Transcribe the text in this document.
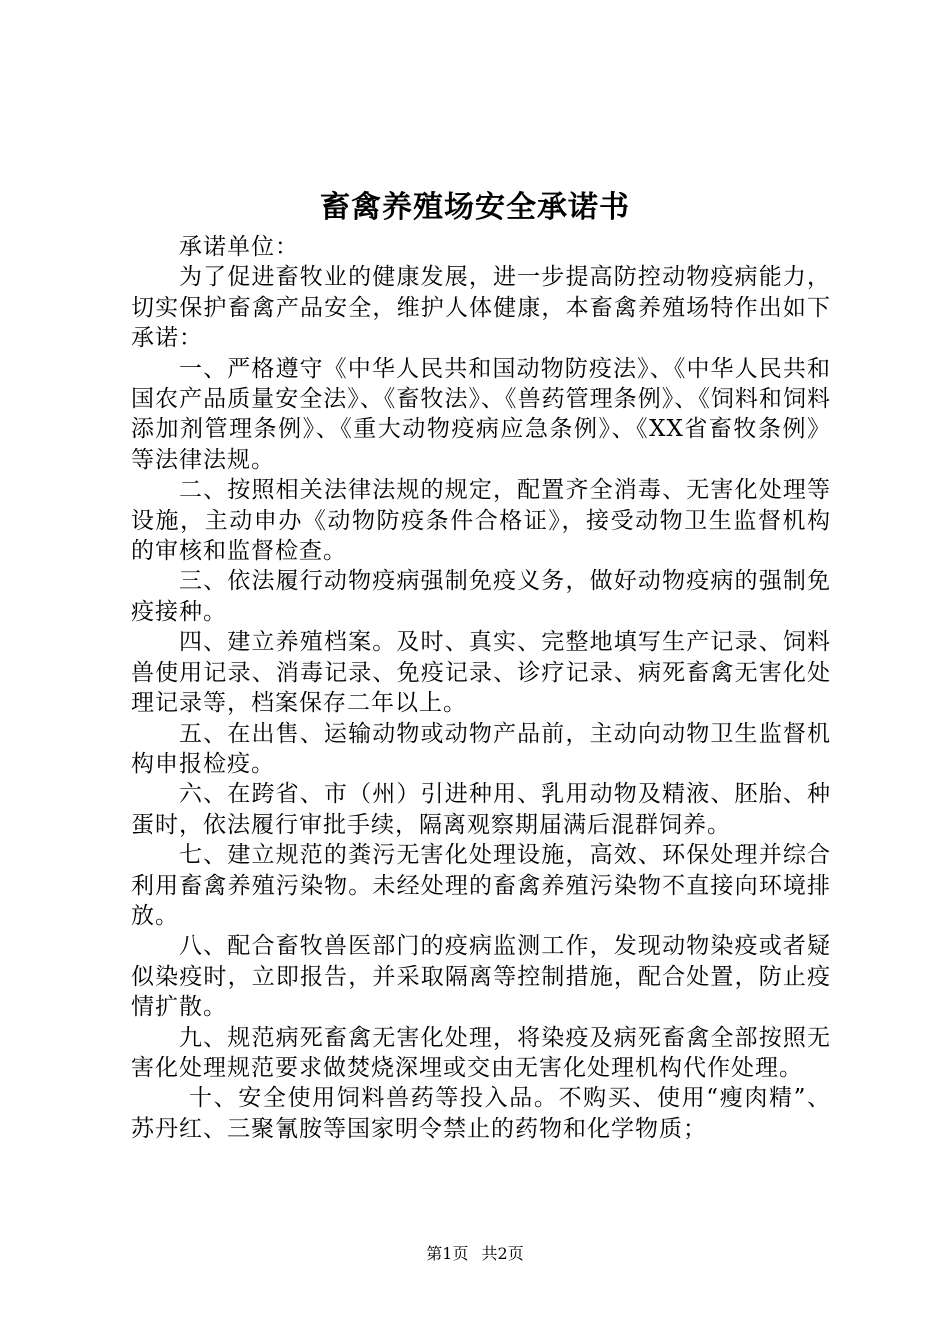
畜禽养殖场安全承诺书

承诺单位：

为了促进畜牧业的健康发展，进一步提高防控动物疫病能力，切实保护畜禽产品安全，维护人体健康，本畜禽养殖场特作出如下承诺：

一、严格遵守《中华人民共和国动物防疫法》、《中华人民共和国农产品质量安全法》、《畜牧法》、《兽药管理条例》、《饲料和饲料添加剂管理条例》、《重大动物疫病应急条例》、《XX省畜牧条例》等法律法规。

二、按照相关法律法规的规定，配置齐全消毒、无害化处理等设施，主动申办《动物防疫条件合格证》，接受动物卫生监督机构的审核和监督检查。

三、依法履行动物疫病强制免疫义务，做好动物疫病的强制免疫接种。

四、建立养殖档案。及时、真实、完整地填写生产记录、饲料兽使用记录、消毒记录、免疫记录、诊疗记录、病死畜禽无害化处理记录等，档案保存二年以上。

五、在出售、运输动物或动物产品前，主动向动物卫生监督机构申报检疫。

六、在跨省、市（州）引进种用、乳用动物及精液、胚胎、种蛋时，依法履行审批手续，隔离观察期届满后混群饲养。

七、建立规范的粪污无害化处理设施，高效、环保处理并综合利用畜禽养殖污染物。未经处理的畜禽养殖污染物不直接向环境排放。

八、配合畜牧兽医部门的疫病监测工作，发现动物染疫或者疑似染疫时，立即报告，并采取隔离等控制措施，配合处置，防止疫情扩散。

九、规范病死畜禽无害化处理，将染疫及病死畜禽全部按照无害化处理规范要求做焚烧深埋或交由无害化处理机构代作处理。

十、安全使用饲料兽药等投入品。不购买、使用“瘦肉精”、苏丹红、三聚氰胺等国家明令禁止的药物和化学物质；

第1页 共2页
